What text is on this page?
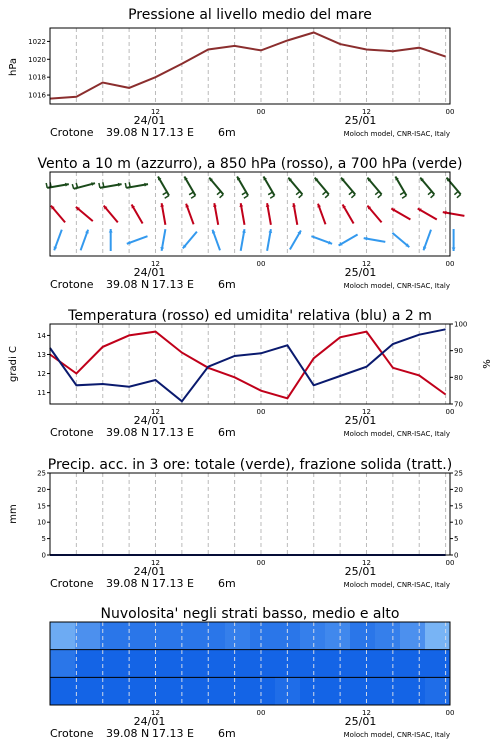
Pressione al livello medio del mare
hPa
12	00	12	00
24/01	25/01
Crotone 39.08 N 17.13 E 6m	Moloch model, CNR-ISAC, Italy
1016
1018
1020
1022
Vento a 10 m (azzurro), a 850 hPa (rosso), a 700 hPa (verde)
12	00	12	00
24/01	25/01
Crotone 39.08 N 17.13 E 6m	Moloch model, CNR-ISAC, Italy
Temperatura (rosso) ed umidita' relativa (blu) a 2 m
gradi C	%
12	00	12	00
24/01	25/01
Crotone 39.08 N 17.13 E 6m	Moloch model, CNR-ISAC, Italy
11
12
13
14
70
80
90
100
Precip. acc. in 3 ore: totale (verde), frazione solida (tratt.)
mm
12	00	12	00
24/01	25/01
Crotone 39.08 N 17.13 E 6m	Moloch model, CNR-ISAC, Italy
0
5
10
15
20
25
0
5
10
15
20
25
Nuvolosita' negli strati basso, medio e alto
12	00	12	00
24/01	25/01
Crotone 39.08 N 17.13 E 6m	Moloch model, CNR-ISAC, Italy
